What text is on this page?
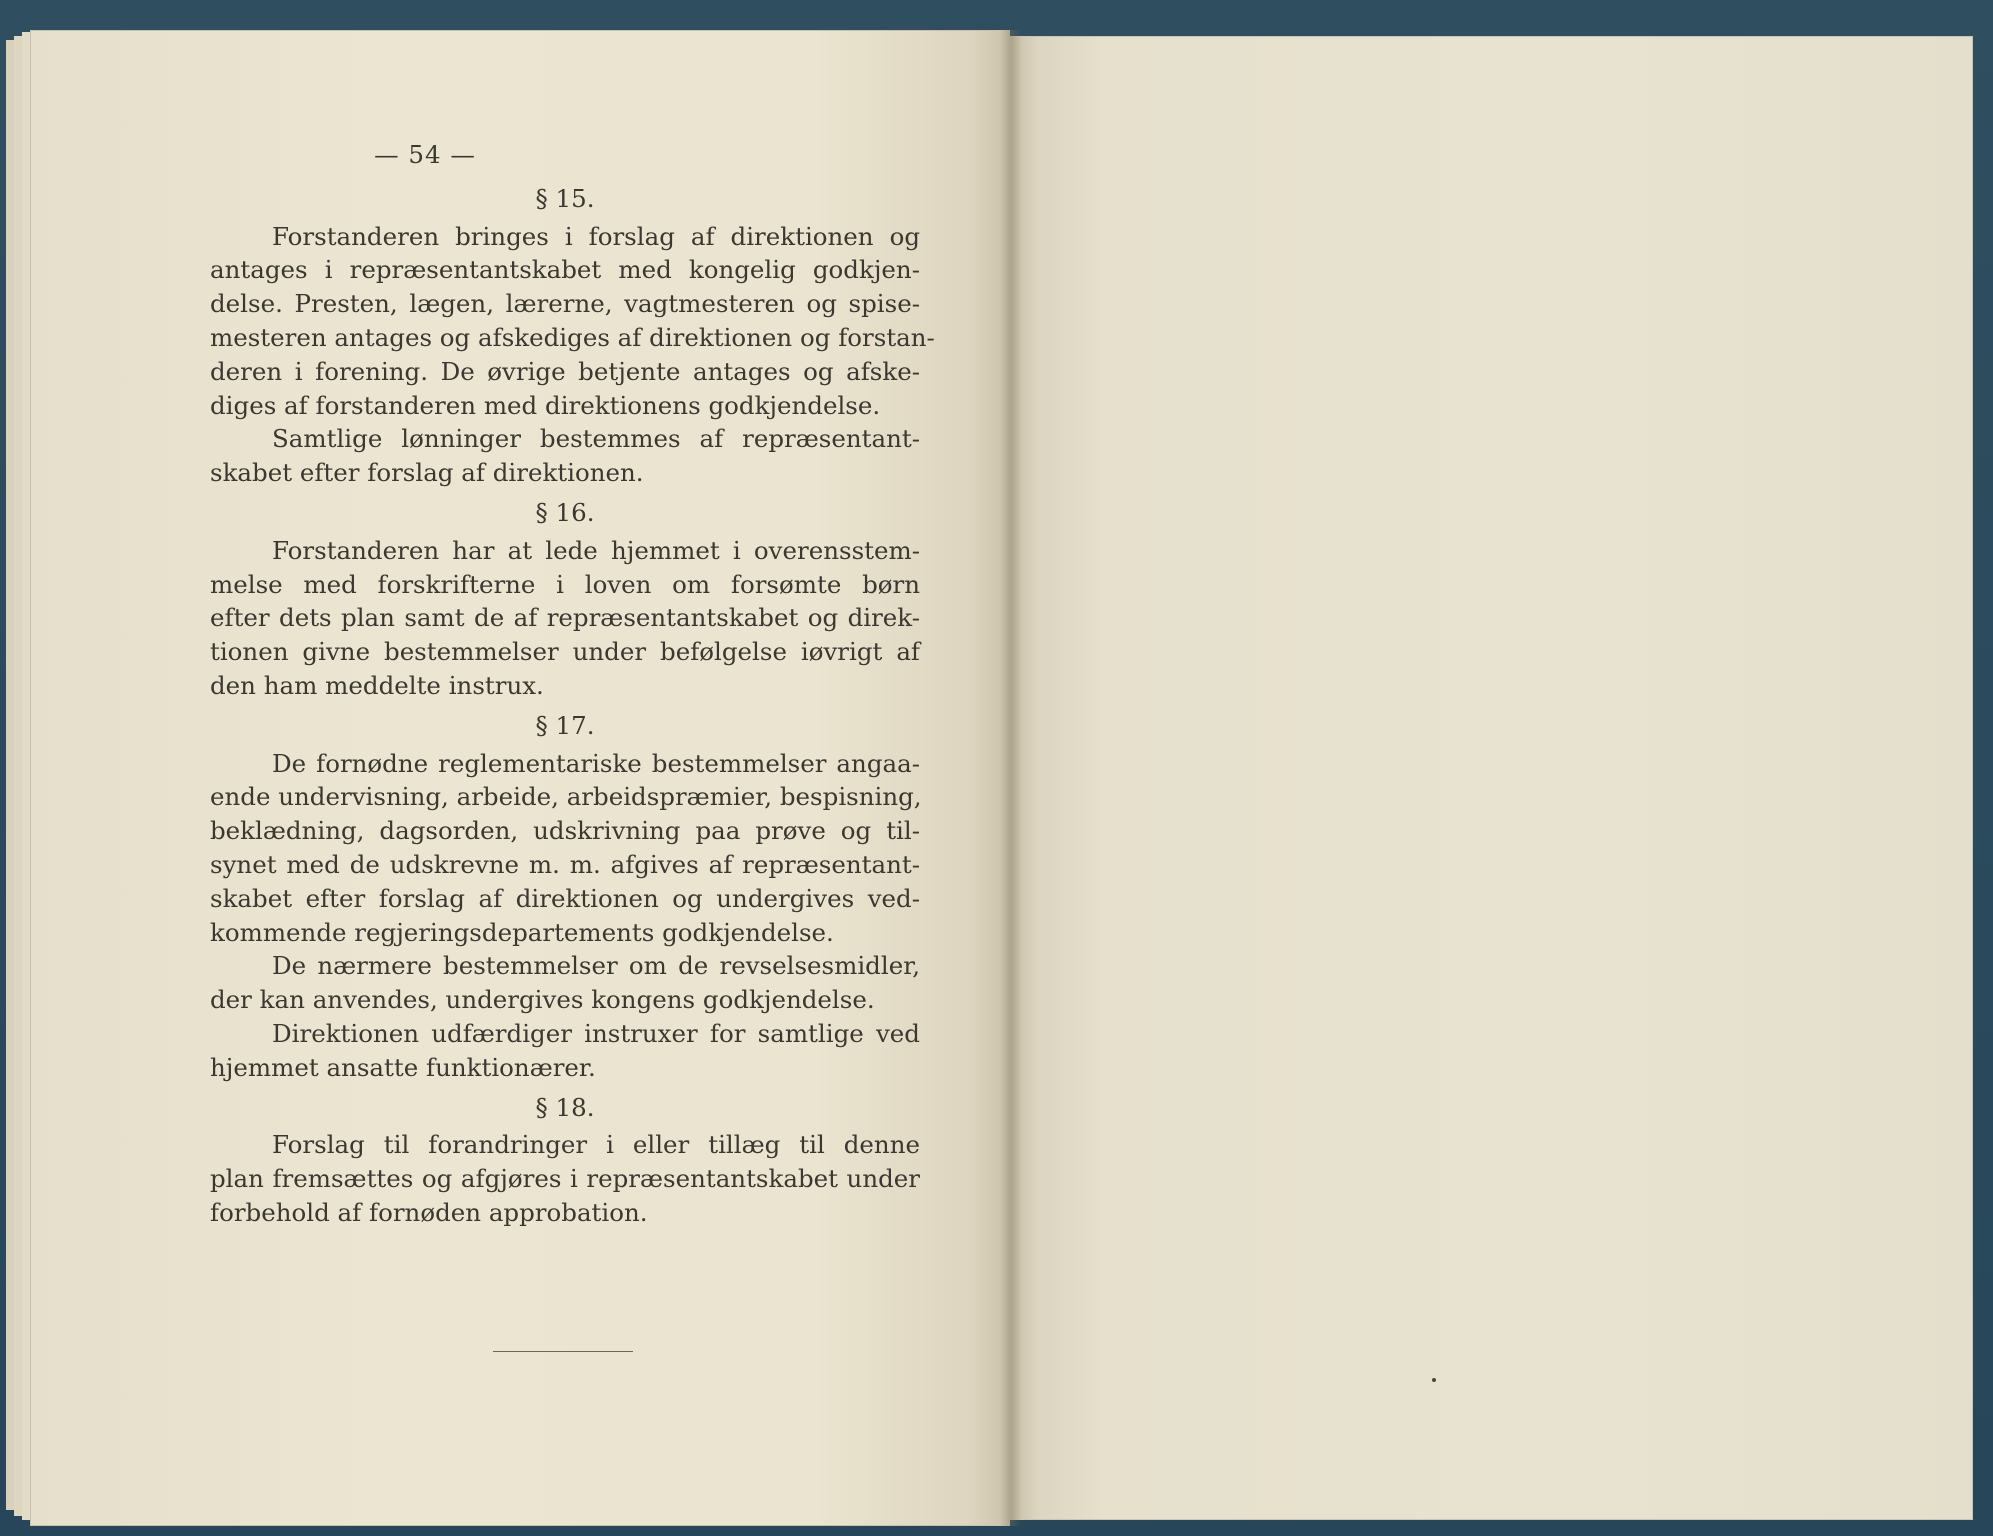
— 54 —
§ 15.
Forstanderen bringes i forslag af direktionen og
antages i repræsentantskabet med kongelig godkjen-
delse. Presten, lægen, lærerne, vagtmesteren og spise-
mesteren antages og afskediges af direktionen og forstan-
deren i forening. De øvrige betjente antages og afske-
diges af forstanderen med direktionens godkjendelse.
Samtlige lønninger bestemmes af repræsentant-
skabet efter forslag af direktionen.
§ 16.
Forstanderen har at lede hjemmet i overensstem-
melse med forskrifterne i loven om forsømte børn
efter dets plan samt de af repræsentantskabet og direk-
tionen givne bestemmelser under befølgelse iøvrigt af
den ham meddelte instrux.
§ 17.
De fornødne reglementariske bestemmelser angaa-
ende undervisning, arbeide, arbeidspræmier, bespisning,
beklædning, dagsorden, udskrivning paa prøve og til-
synet med de udskrevne m. m. afgives af repræsentant-
skabet efter forslag af direktionen og undergives ved-
kommende regjeringsdepartements godkjendelse.
De nærmere bestemmelser om de revselsesmidler,
der kan anvendes, undergives kongens godkjendelse.
Direktionen udfærdiger instruxer for samtlige ved
hjemmet ansatte funktionærer.
§ 18.
Forslag til forandringer i eller tillæg til denne
plan fremsættes og afgjøres i repræsentantskabet under
forbehold af fornøden approbation.
